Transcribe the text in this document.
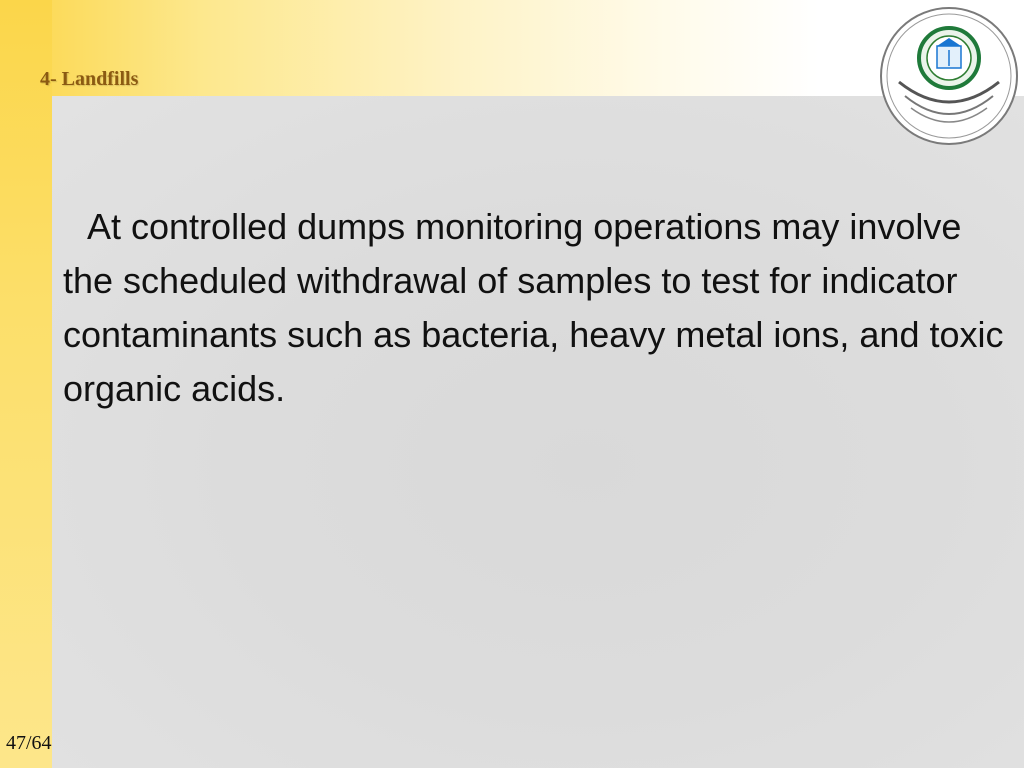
4- Landfills

At controlled dumps monitoring operations may involve the scheduled withdrawal of samples to test for indicator contaminants such as bacteria, heavy metal ions, and toxic organic acids.

47/64
